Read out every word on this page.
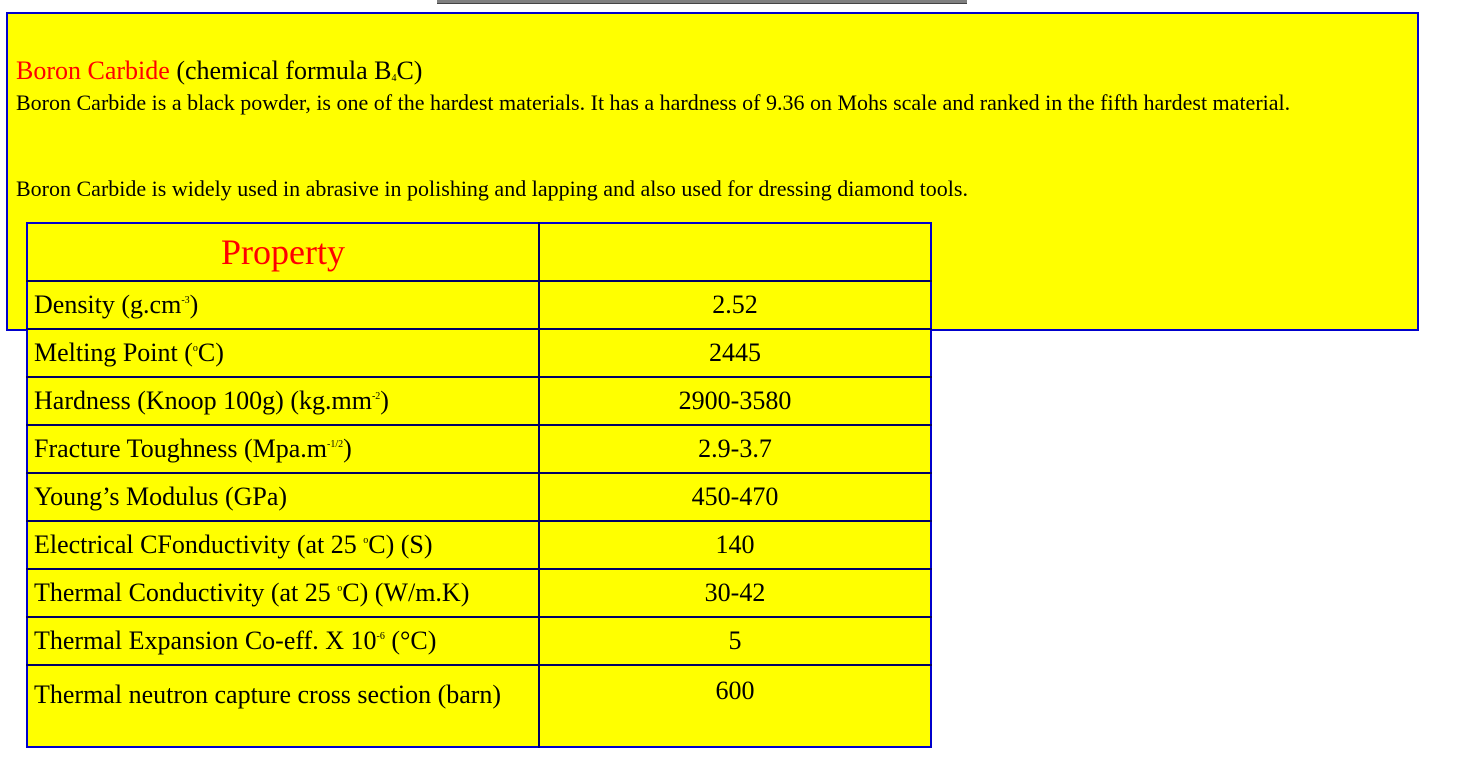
Boron Carbide (chemical formula $B_4C$)
Boron Carbide is a black powder, is one of the hardest materials. It has a hardness of 9.36 on Mohs scale and ranked in the fifth hardest material.
Boron Carbide is widely used in abrasive in polishing and lapping and also used for dressing diamond tools.
Property	

Density $(g.cm^{-3})$	2.52
Melting Point ($^o$C)	2445
Hardness (Knoop 100g) $(kg.mm^{-2})$	2900-3580
Fracture Toughness $(Mpa.m^{-1/2})$	2.9-3.7
Young’s Modulus (GPa)	450-470
Electrical CFonductivity (at 25 $^o$C) (S)	140
Thermal Conductivity (at 25 $^o$C) (W/m.K)	30-42
Thermal Expansion Co-eff. X $10^{-6}$ (°C)	5
Thermal neutron capture cross section (barn)	600
